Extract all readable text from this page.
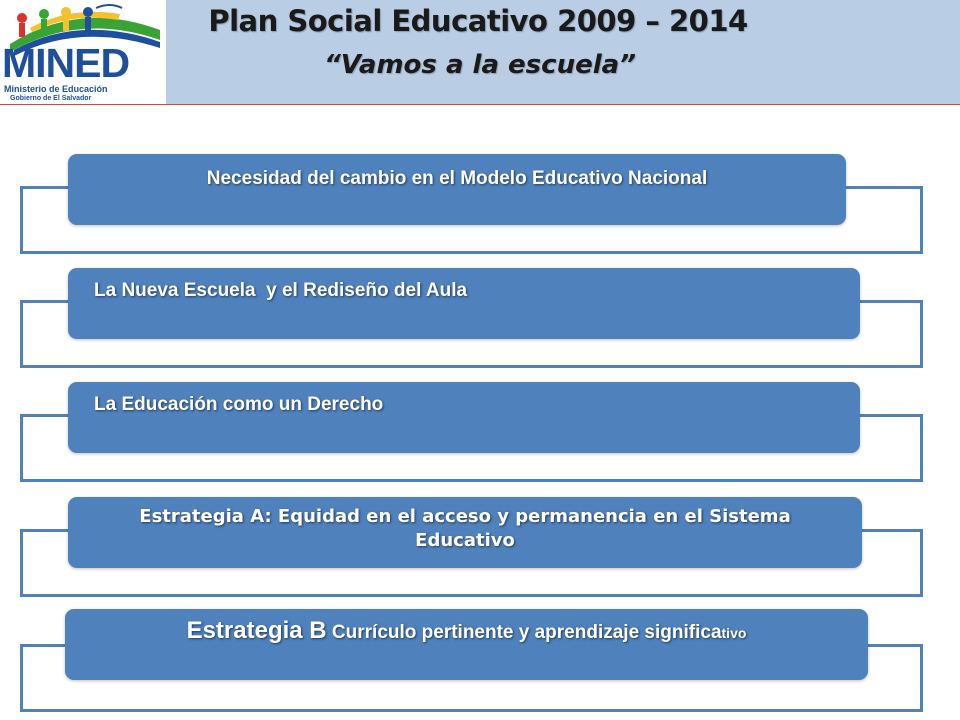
MINED
Ministerio de Educación
Gobierno de El Salvador
Plan Social Educativo 2009 – 2014
“Vamos a la escuela”
Necesidad del cambio en el Modelo Educativo Nacional
La Nueva Escuela  y el Rediseño del Aula
La Educación como un Derecho
Estrategia A: Equidad en el acceso y permanencia en el Sistema Educativo
Estrategia B Currículo pertinente y aprendizaje significativo
